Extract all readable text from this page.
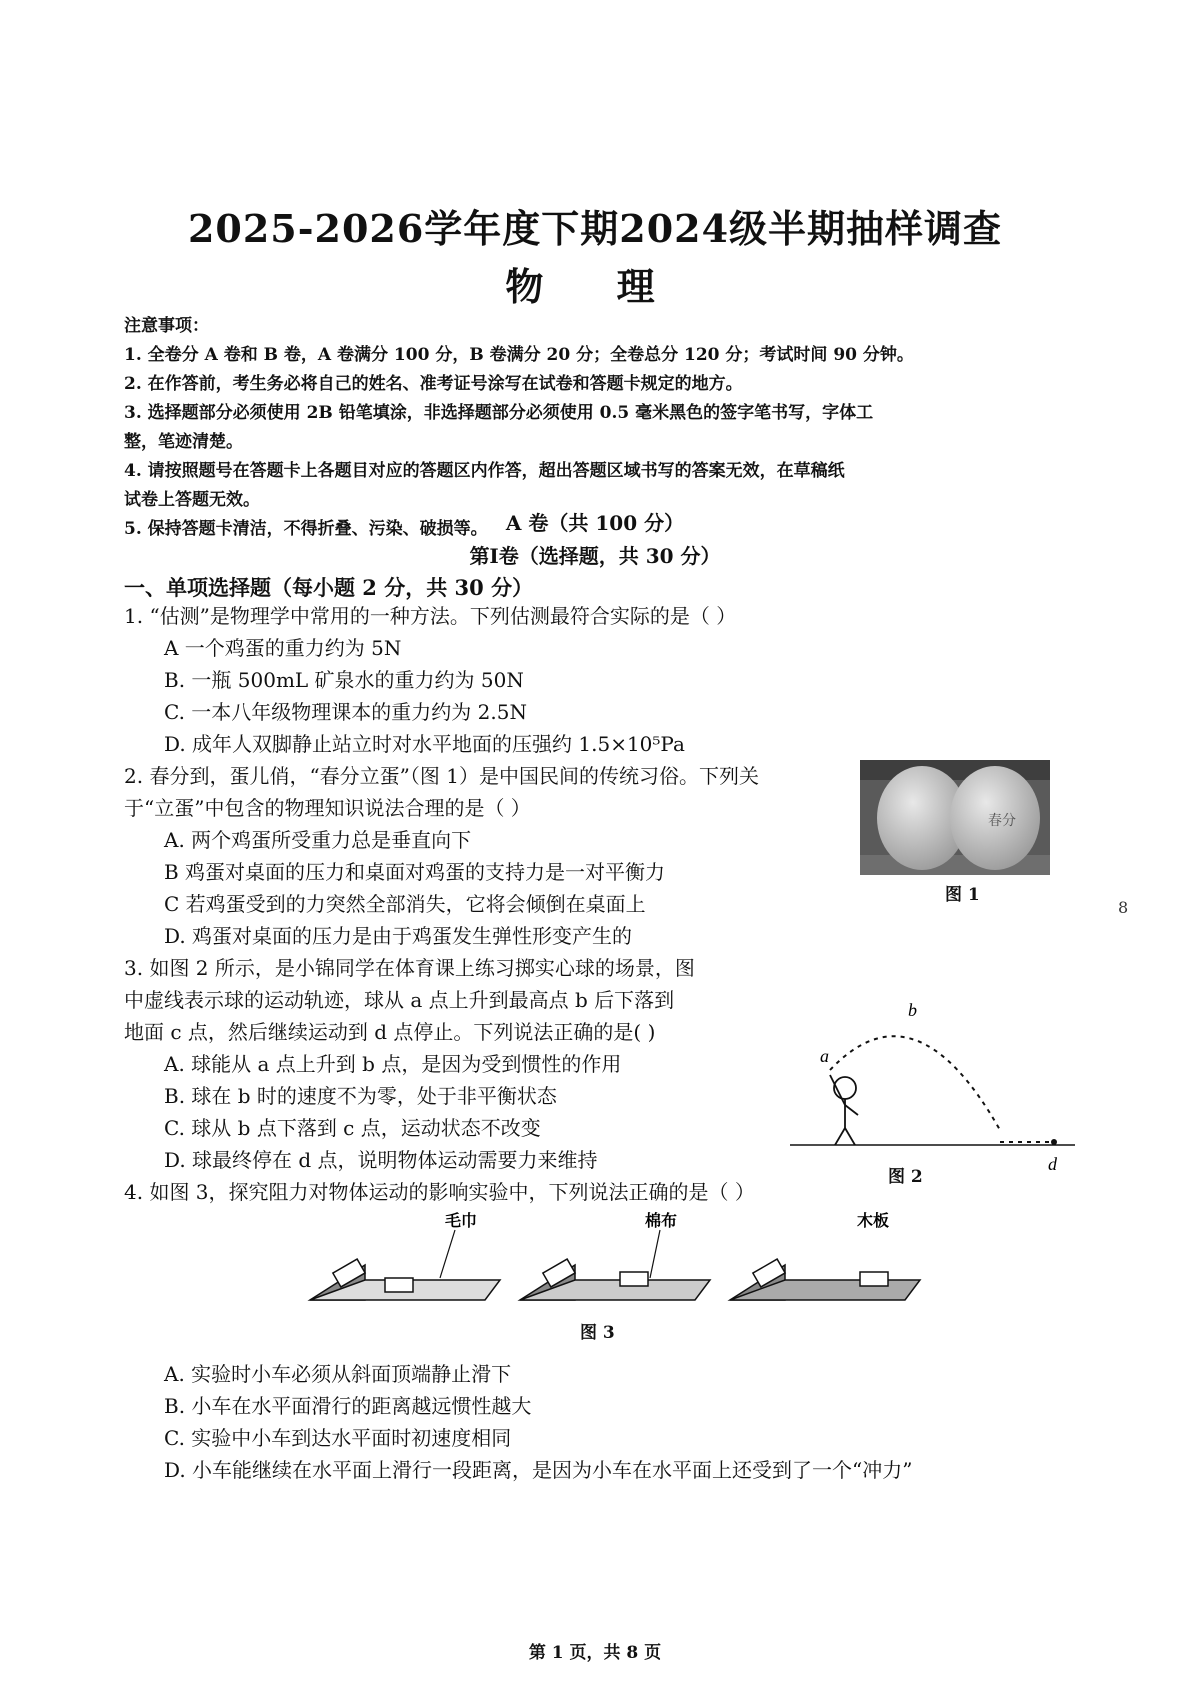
2025-2026学年度下期2024级半期抽样调查
物 理
注意事项：
1. 全卷分 A 卷和 B 卷，A 卷满分 100 分，B 卷满分 20 分；全卷总分 120 分；考试时间 90 分钟。
2. 在作答前，考生务必将自己的姓名、准考证号涂写在试卷和答题卡规定的地方。
3. 选择题部分必须使用 2B 铅笔填涂，非选择题部分必须使用 0.5 毫米黑色的签字笔书写，字体工
整，笔迹清楚。
4. 请按照题号在答题卡上各题目对应的答题区内作答，超出答题区域书写的答案无效，在草稿纸
试卷上答题无效。
5. 保持答题卡清洁，不得折叠、污染、破损等。 A 卷（共 100 分）
第Ⅰ卷（选择题，共 30 分）
一、单项选择题（每小题 2 分，共 30 分）
1. “估测”是物理学中常用的一种方法。下列估测最符合实际的是（ ）
A 一个鸡蛋的重力约为 5N
B. 一瓶 500mL 矿泉水的重力约为 50N
C. 一本八年级物理课本的重力约为 2.5N
D. 成年人双脚静止站立时对水平地面的压强约 1.5×10⁵Pa
2. 春分到，蛋儿俏，“春分立蛋”（图 1）是中国民间的传统习俗。下列关
于“立蛋”中包含的物理知识说法合理的是（ ）
A. 两个鸡蛋所受重力总是垂直向下
B 鸡蛋对桌面的压力和桌面对鸡蛋的支持力是一对平衡力
C 若鸡蛋受到的力突然全部消失，它将会倾倒在桌面上
D. 鸡蛋对桌面的压力是由于鸡蛋发生弹性形变产生的
春分
图 1
8
3. 如图 2 所示，是小锦同学在体育课上练习掷实心球的场景，图
中虚线表示球的运动轨迹，球从 a 点上升到最高点 b 后下落到
地面 c 点，然后继续运动到 d 点停止。下列说法正确的是( )
A. 球能从 a 点上升到 b 点，是因为受到惯性的作用
B. 球在 b 时的速度不为零，处于非平衡状态
C. 球从 b 点下落到 c 点，运动状态不改变
D. 球最终停在 d 点，说明物体运动需要力来维持
a
b
d
图 2
4. 如图 3，探究阻力对物体运动的影响实验中，下列说法正确的是（ ）
毛巾	棉布	木板
图 3
A. 实验时小车必须从斜面顶端静止滑下
B. 小车在水平面滑行的距离越远惯性越大
C. 实验中小车到达水平面时初速度相同
D. 小车能继续在水平面上滑行一段距离，是因为小车在水平面上还受到了一个“冲力”
第 1 页，共 8 页
